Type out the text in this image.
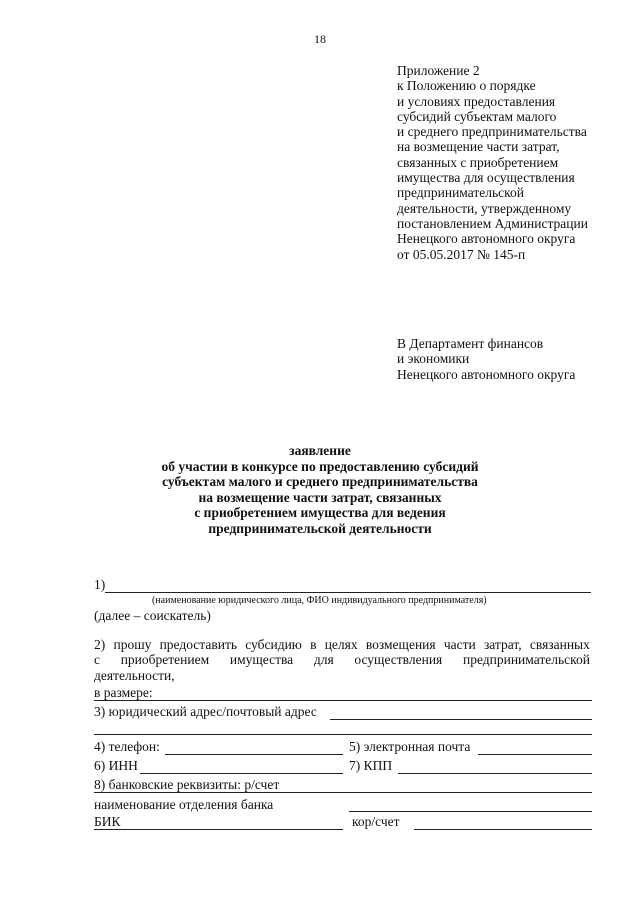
18
Приложение 2
к Положению о порядке
и условиях предоставления
субсидий субъектам малого
и среднего предпринимательства
на возмещение части затрат,
связанных с приобретением
имущества для осуществления
предпринимательской
деятельности, утвержденному
постановлением Администрации
Ненецкого автономного округа
от 05.05.2017 № 145-п
В Департамент финансов
и экономики
Ненецкого автономного округа
заявление
об участии в конкурсе по предоставлению субсидий
субъектам малого и среднего предпринимательства
на возмещение части затрат, связанных
с приобретением имущества для ведения
предпринимательской деятельности
1)
(наименование юридического лица, ФИО индивидуального предпринимателя)
(далее – соискатель)
2) прошу предоставить субсидию в целях возмещения части затрат, связанных
с приобретением имущества для осуществления предпринимательской
деятельности,
в размере:
3) юридический адрес/почтовый адрес
4) телефон:	5) электронная почта
6) ИНН	7) КПП
8) банковские реквизиты: р/счет
наименование отделения банка
БИК	кор/счет
